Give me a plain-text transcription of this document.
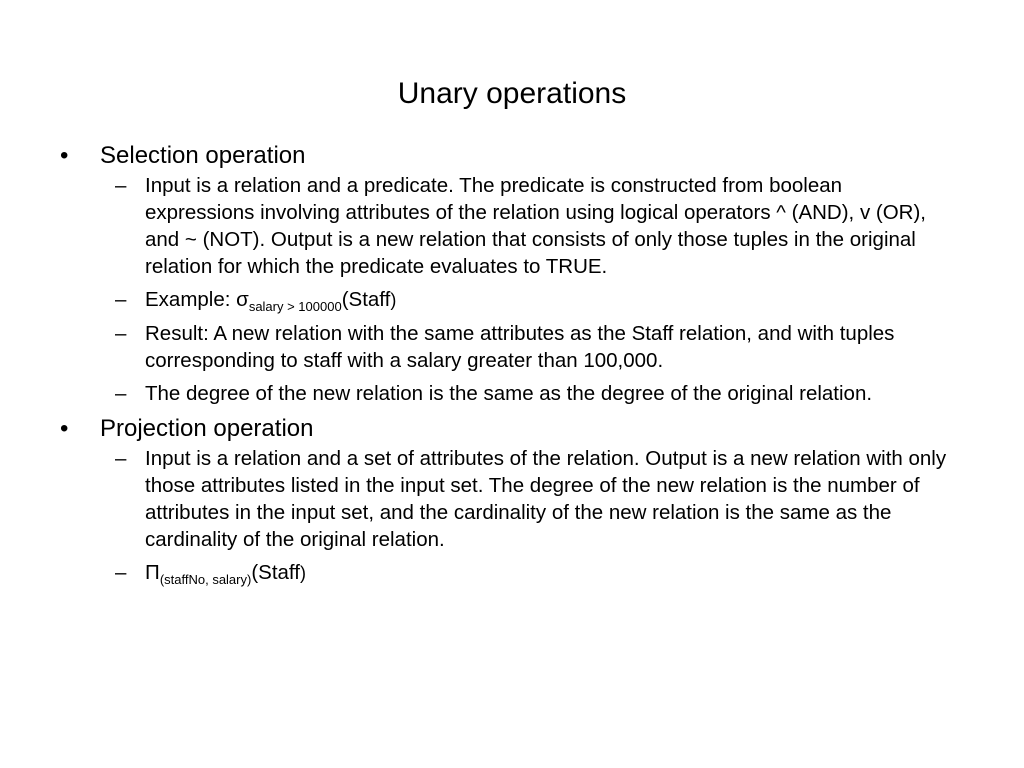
Unary operations
•	Selection operation
– Input is a relation and a predicate. The predicate is constructed from boolean expressions involving attributes of the relation using logical operators ^ (AND), v (OR), and ~ (NOT). Output is a new relation that consists of only those tuples in the original relation for which the predicate evaluates to TRUE.
– Example: $\sigma_{salary > 100000}(Staff)$
– Result: A new relation with the same attributes as the Staff relation, and with tuples corresponding to staff with a salary greater than 100,000.
– The degree of the new relation is the same as the degree of the original relation.
•	Projection operation
– Input is a relation and a set of attributes of the relation. Output is a new relation with only those attributes listed in the input set. The degree of the new relation is the number of attributes in the input set, and the cardinality of the new relation is the same as the cardinality of the original relation.
– $\Pi_{(staffNo, salary)}(Staff)$
